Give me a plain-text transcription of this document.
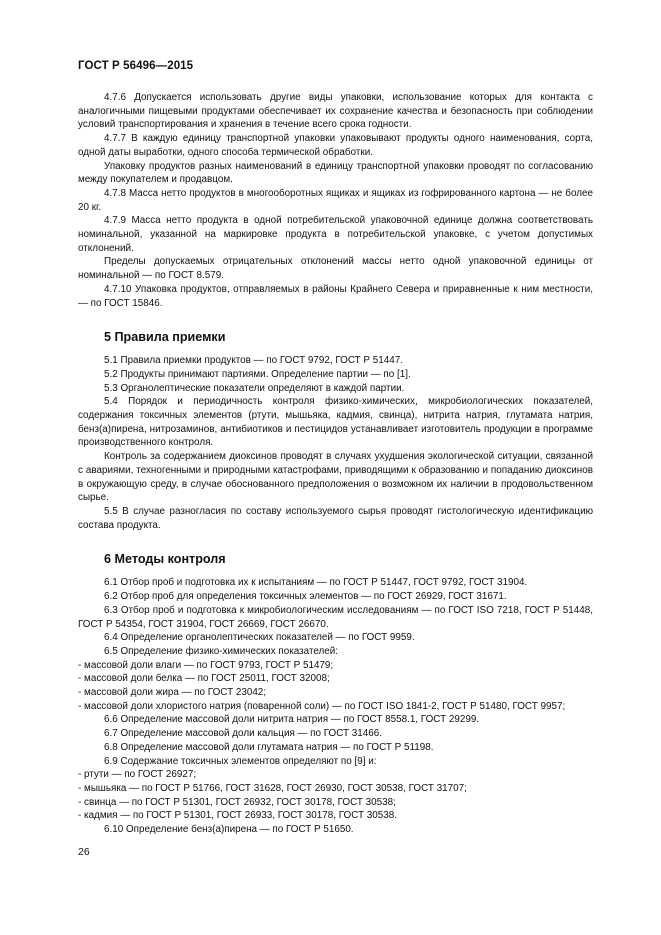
ГОСТ Р 56496—2015

4.7.6 Допускается использовать другие виды упаковки, использование которых для контакта с аналогичными пищевыми продуктами обеспечивает их сохранение качества и безопасность при соблюдении условий транспортирования и хранения в течение всего срока годности.

4.7.7 В каждую единицу транспортной упаковки упаковывают продукты одного наименования, сорта, одной даты выработки, одного способа термической обработки.

Упаковку продуктов разных наименований в единицу транспортной упаковки проводят по согласованию между покупателем и продавцом.

4.7.8 Масса нетто продуктов в многооборотных ящиках и ящиках из гофрированного картона — не более 20 кг.

4.7.9 Масса нетто продукта в одной потребительской упаковочной единице должна соответствовать номинальной, указанной на маркировке продукта в потребительской упаковке, с учетом допустимых отклонений.

Пределы допускаемых отрицательных отклонений массы нетто одной упаковочной единицы от номинальной — по ГОСТ 8.579.

4.7.10 Упаковка продуктов, отправляемых в районы Крайнего Севера и приравненные к ним местности, — по ГОСТ 15846.

5 Правила приемки

5.1 Правила приемки продуктов — по ГОСТ 9792, ГОСТ Р 51447.

5.2 Продукты принимают партиями. Определение партии — по [1].

5.3 Органолептические показатели определяют в каждой партии.

5.4 Порядок и периодичность контроля физико-химических, микробиологических показателей, содержания токсичных элементов (ртути, мышьяка, кадмия, свинца), нитрита натрия, глутамата натрия, бенз(а)пирена, нитрозаминов, антибиотиков и пестицидов устанавливает изготовитель продукции в программе производственного контроля.

Контроль за содержанием диоксинов проводят в случаях ухудшения экологической ситуации, связанной с авариями, техногенными и природными катастрофами, приводящими к образованию и попаданию диоксинов в окружающую среду, в случае обоснованного предположения о возможном их наличии в продовольственном сырье.

5.5 В случае разногласия по составу используемого сырья проводят гистологическую идентификацию состава продукта.

6 Методы контроля

6.1 Отбор проб и подготовка их к испытаниям — по ГОСТ Р 51447, ГОСТ 9792, ГОСТ 31904.

6.2 Отбор проб для определения токсичных элементов — по ГОСТ 26929, ГОСТ 31671.

6.3 Отбор проб и подготовка к микробиологическим исследованиям — по ГОСТ ISO 7218, ГОСТ Р 51448, ГОСТ Р 54354, ГОСТ 31904, ГОСТ 26669, ГОСТ 26670.

6.4 Определение органолептических показателей — по ГОСТ 9959.

6.5 Определение физико-химических показателей:

- массовой доли влаги — по ГОСТ 9793, ГОСТ Р 51479;

- массовой доли белка — по ГОСТ 25011, ГОСТ 32008;

- массовой доли жира — по ГОСТ 23042;

- массовой доли хлористого натрия (поваренной соли) — по ГОСТ ISO 1841-2, ГОСТ Р 51480, ГОСТ 9957;

6.6 Определение массовой доли нитрита натрия — по ГОСТ 8558.1, ГОСТ 29299.

6.7 Определение массовой доли кальция — по ГОСТ 31466.

6.8 Определение массовой доли глутамата натрия — по ГОСТ Р 51198.

6.9 Содержание токсичных элементов определяют по [9] и:

- ртути — по ГОСТ 26927;

- мышьяка — по ГОСТ Р 51766, ГОСТ 31628, ГОСТ 26930, ГОСТ 30538, ГОСТ 31707;

- свинца — по ГОСТ Р 51301, ГОСТ 26932, ГОСТ 30178, ГОСТ 30538;

- кадмия — по ГОСТ Р 51301, ГОСТ 26933, ГОСТ 30178, ГОСТ 30538.

6.10 Определение бенз(а)пирена — по ГОСТ Р 51650.

26
